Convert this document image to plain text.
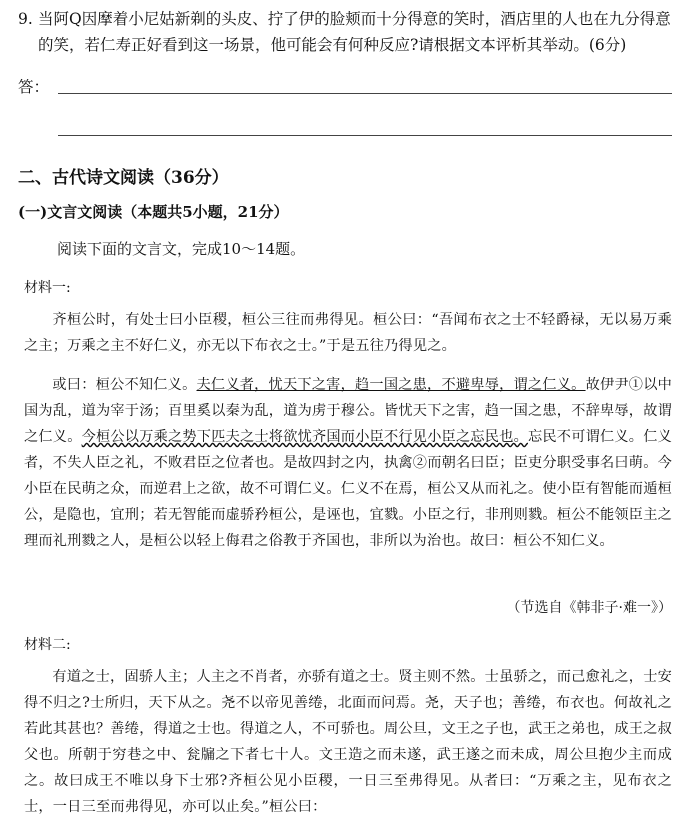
9. 当阿Q因摩着小尼姑新剃的头皮、拧了伊的脸颊而十分得意的笑时，酒店里的人也在九分得意的笑，若仁寿正好看到这一场景，他可能会有何种反应?请根据文本评析其举动。(6分)
答：
二、古代诗文阅读（36分）
(一)文言文阅读（本题共5小题，21分）
阅读下面的文言文，完成10～14题。
材料一:

齐桓公时，有处士曰小臣稷，桓公三往而弗得见。桓公曰：“吾闻布衣之士不轻爵禄，无以易万乘之主；万乘之主不好仁义，亦无以下布衣之士。”于是五往乃得见之。

或曰：桓公不知仁义。夫仁义者，忧天下之害，趋一国之患，不避卑辱，谓之仁义。故伊尹①以中国为乱，道为宰于汤；百里奚以秦为乱，道为虏于穆公。皆忧天下之害，趋一国之患，不辞卑辱，故谓之仁义。今桓公以万乘之势下匹夫之士将欲忧齐国而小臣不行见小臣之忘民也。忘民不可谓仁义。仁义者，不失人臣之礼，不败君臣之位者也。是故四封之内，执禽②而朝名曰臣；臣吏分职受事名曰萌。今小臣在民萌之众，而逆君上之欲，故不可谓仁义。仁义不在焉，桓公又从而礼之。使小臣有智能而遁桓公，是隐也，宜刑；若无智能而虚骄矜桓公，是诬也，宜戮。小臣之行，非刑则戮。桓公不能领臣主之理而礼刑戮之人，是桓公以轻上侮君之俗教于齐国也，非所以为治也。故曰：桓公不知仁义。

（节选自《韩非子·难一》）
材料二:

有道之士，固骄人主；人主之不肖者，亦骄有道之士。贤主则不然。士虽骄之，而己愈礼之，士安得不归之?士所归，天下从之。尧不以帝见善绻，北面而问焉。尧，天子也；善绻，布衣也。何故礼之若此其甚也？善绻，得道之士也。得道之人，不可骄也。周公旦，文王之子也，武王之弟也，成王之叔父也。所朝于穷巷之中、瓮牖之下者七十人。文王造之而未遂，武王遂之而未成，周公旦抱少主而成之。故曰成王不唯以身下士邪?齐桓公见小臣稷，一日三至弗得见。从者曰：“万乘之主，见布衣之士，一日三至而弗得见，亦可以止矣。”桓公曰：
